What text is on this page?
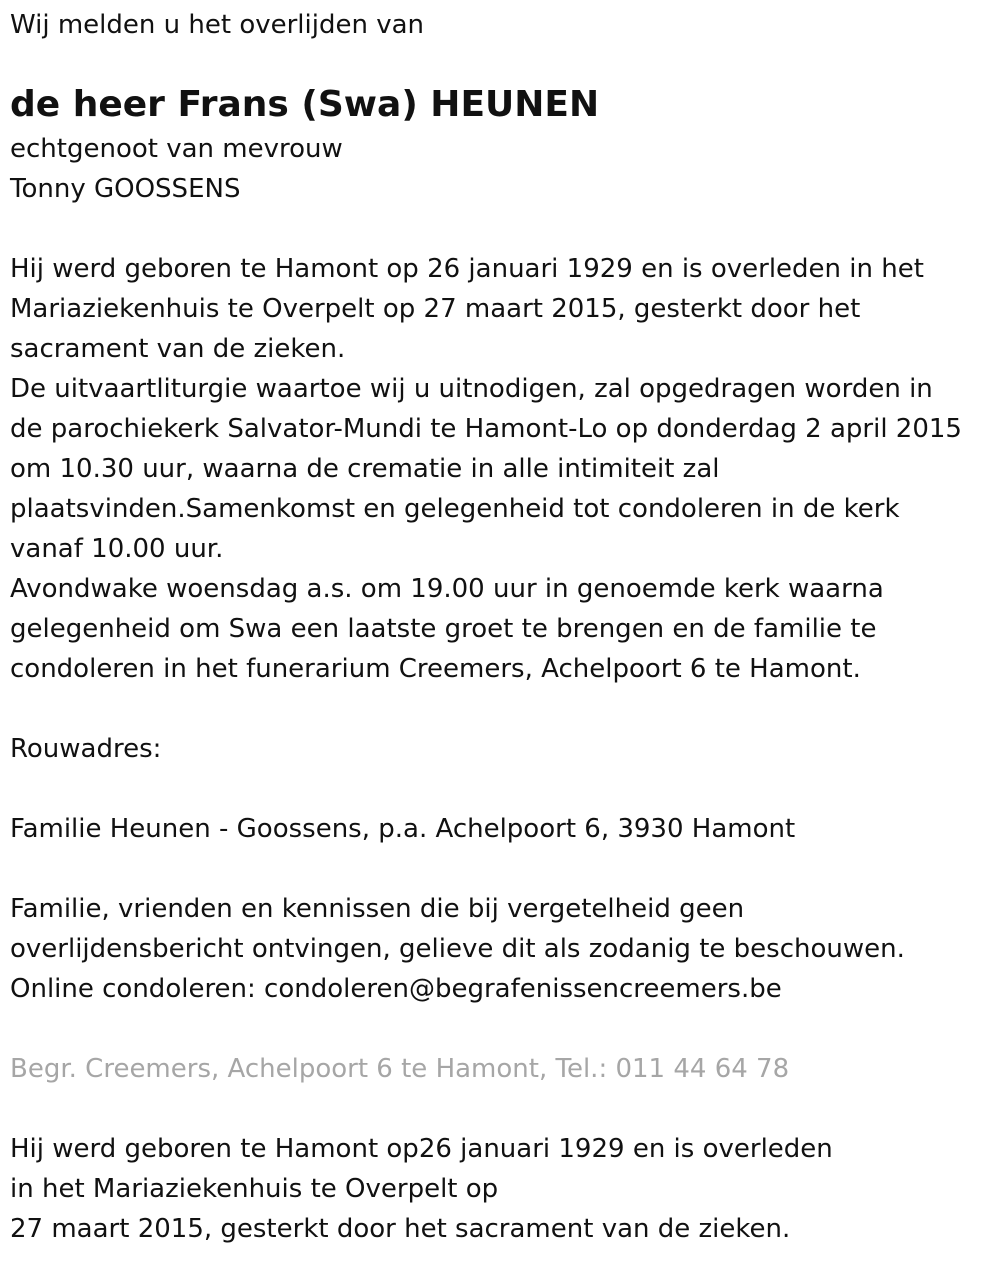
Wij melden u het overlijden van
de heer Frans (Swa) HEUNEN
echtgenoot van mevrouw
Tonny GOOSSENS
Hij werd geboren te Hamont op 26 januari 1929 en is overleden in het
Mariaziekenhuis te Overpelt op 27 maart 2015, gesterkt door het
sacrament van de zieken.
De uitvaartliturgie waartoe wij u uitnodigen, zal opgedragen worden in
de parochiekerk Salvator-Mundi te Hamont-Lo op donderdag 2 april 2015
om 10.30 uur, waarna de crematie in alle intimiteit zal
plaatsvinden.Samenkomst en gelegenheid tot condoleren in de kerk
vanaf 10.00 uur.
Avondwake woensdag a.s. om 19.00 uur in genoemde kerk waarna
gelegenheid om Swa een laatste groet te brengen en de familie te
condoleren in het funerarium Creemers, Achelpoort 6 te Hamont.
Rouwadres:
Familie Heunen - Goossens, p.a. Achelpoort 6, 3930 Hamont
Familie, vrienden en kennissen die bij vergetelheid geen
overlijdensbericht ontvingen, gelieve dit als zodanig te beschouwen.
Online condoleren: condoleren@begrafenissencreemers.be
Begr. Creemers, Achelpoort 6 te Hamont, Tel.: 011 44 64 78
Hij werd geboren te Hamont op26 januari 1929 en is overleden
in het Mariaziekenhuis te Overpelt op
27 maart 2015, gesterkt door het sacrament van de zieken.
